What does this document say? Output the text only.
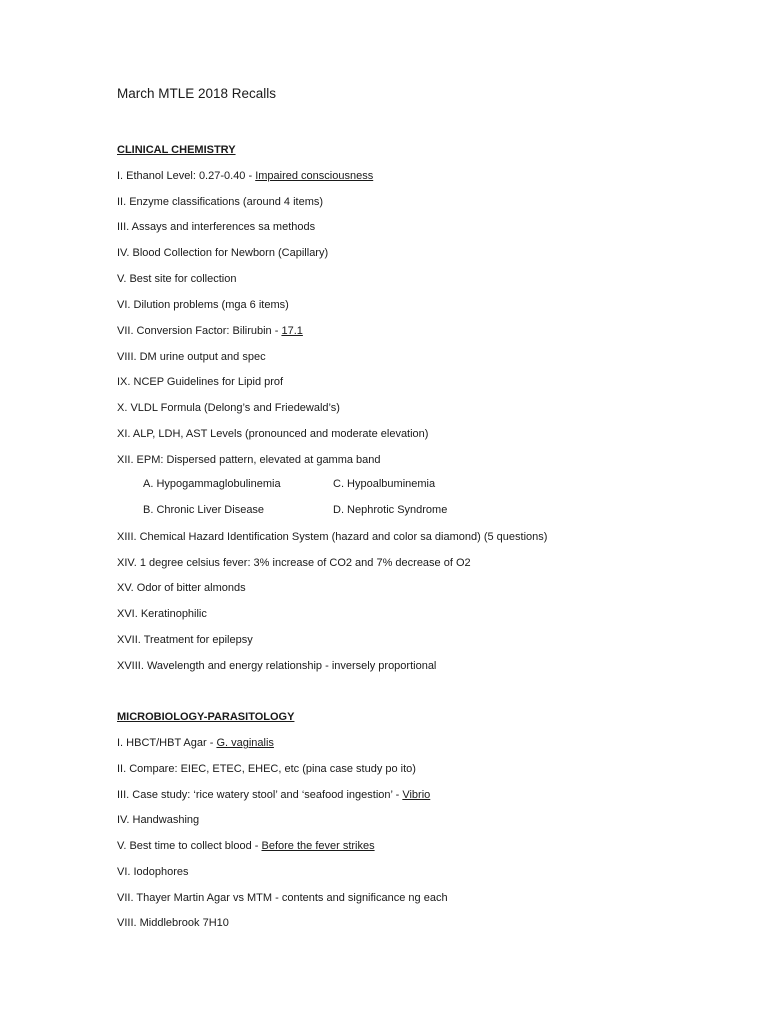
March MTLE 2018 Recalls
CLINICAL CHEMISTRY
I. Ethanol Level: 0.27-0.40 - Impaired consciousness
II. Enzyme classifications (around 4 items)
III. Assays and interferences sa methods
IV. Blood Collection for Newborn (Capillary)
V. Best site for collection
VI. Dilution problems (mga 6 items)
VII. Conversion Factor: Bilirubin - 17.1
VIII. DM urine output and spec
IX. NCEP Guidelines for Lipid prof
X. VLDL Formula (Delong’s and Friedewald’s)
XI. ALP, LDH, AST Levels (pronounced and moderate elevation)
XII. EPM: Dispersed pattern, elevated at gamma band
A. Hypogammaglobulinemia	C. Hypoalbuminemia
B. Chronic Liver Disease	D. Nephrotic Syndrome
XIII. Chemical Hazard Identification System (hazard and color sa diamond) (5 questions)
XIV. 1 degree celsius fever: 3% increase of CO2 and 7% decrease of O2
XV. Odor of bitter almonds
XVI. Keratinophilic
XVII. Treatment for epilepsy
XVIII. Wavelength and energy relationship - inversely proportional
MICROBIOLOGY-PARASITOLOGY
I. HBCT/HBT Agar - G. vaginalis
II. Compare: EIEC, ETEC, EHEC, etc (pina case study po ito)
III. Case study: ‘rice watery stool’ and ‘seafood ingestion’ - Vibrio
IV. Handwashing
V. Best time to collect blood - Before the fever strikes
VI. Iodophores
VII. Thayer Martin Agar vs MTM - contents and significance ng each
VIII. Middlebrook 7H10
